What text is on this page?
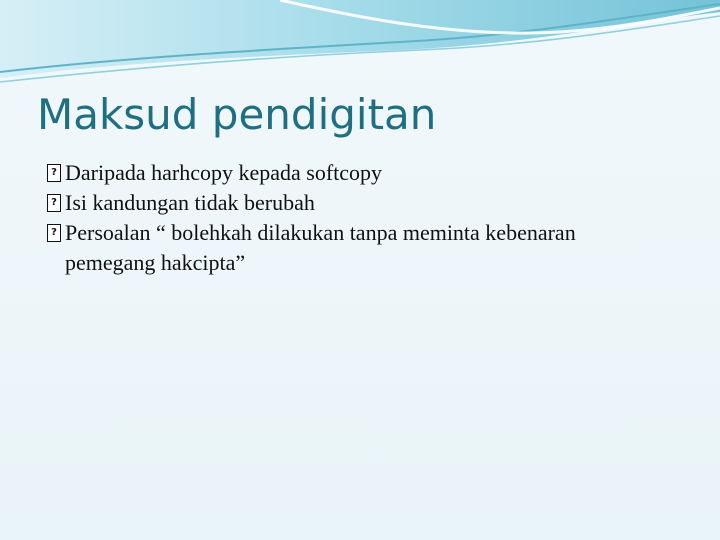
Maksud pendigitan
?
Daripada harhcopy kepada softcopy
?
Isi kandungan tidak berubah
?
Persoalan “ bolehkah dilakukan tanpa meminta kebenaran pemegang hakcipta”
